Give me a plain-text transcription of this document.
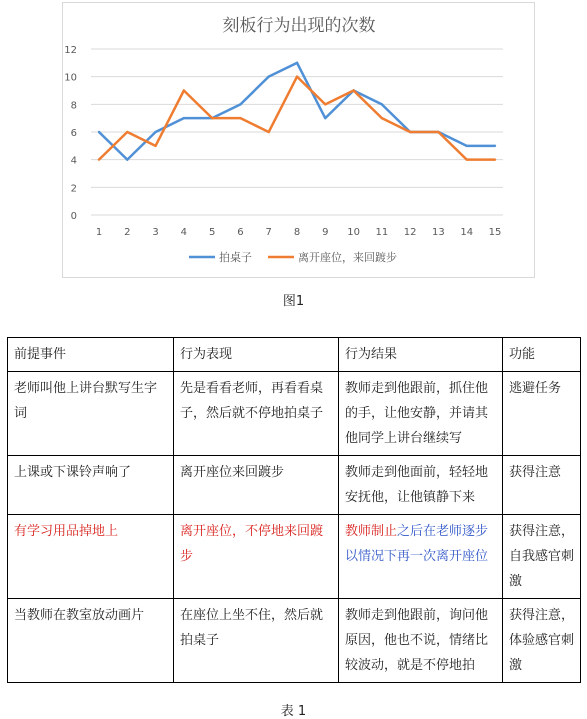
刻板行为出现的次数
0
2
4
6
8
10
12
1 2 3 4 5 6 7 8 9 10 11 12 13 14 15
拍桌子	离开座位，来回踱步
图1
前提事件	行为表现	行为结果	功能
老师叫他上讲台默写生字词	先是看看老师，再看看桌子，然后就不停地拍桌子	教师走到他跟前，抓住他的手，让他安静，并请其他同学上讲台继续写	逃避任务
上课或下课铃声响了	离开座位来回踱步	教师走到他面前，轻轻地安抚他，让他镇静下来	获得注意
有学习用品掉地上	离开座位，不停地来回踱步	教师制止之后在老师逐步以情况下再一次离开座位	获得注意，自我感官刺激
当教师在教室放动画片	在座位上坐不住，然后就拍桌子	教师走到他跟前，询问他原因，他也不说，情绪比较波动，就是不停地拍	获得注意，体验感官刺激
表 1
